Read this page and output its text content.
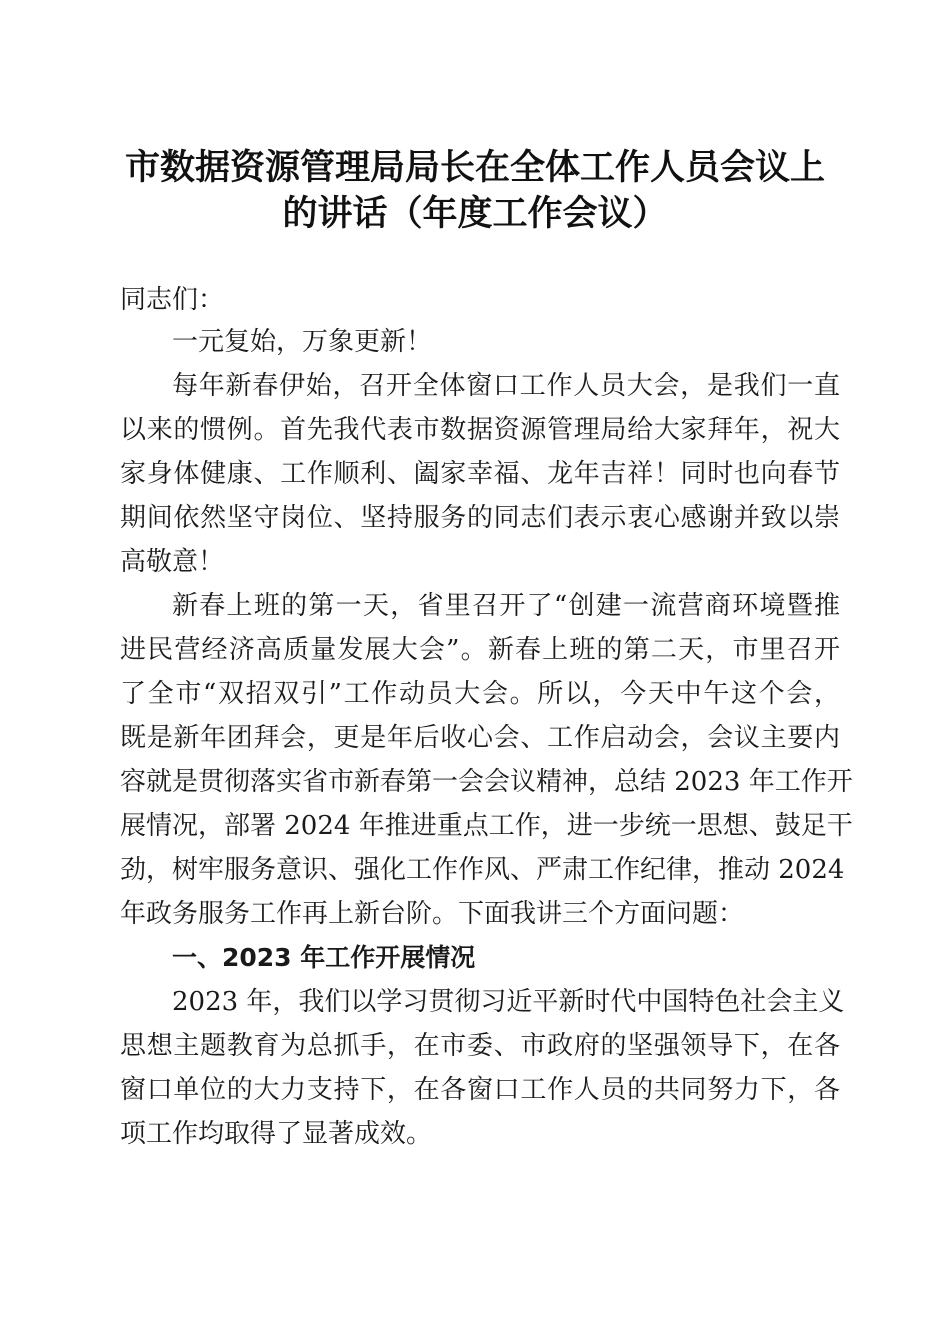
市数据资源管理局局长在全体工作人员会议上
的讲话（年度工作会议）
同志们：
一元复始，万象更新！
每年新春伊始，召开全体窗口工作人员大会，是我们一直
以来的惯例。首先我代表市数据资源管理局给大家拜年，祝大
家身体健康、工作顺利、阖家幸福、龙年吉祥！同时也向春节
期间依然坚守岗位、坚持服务的同志们表示衷心感谢并致以崇
高敬意！
新春上班的第一天，省里召开了“创建一流营商环境暨推
进民营经济高质量发展大会”。新春上班的第二天，市里召开
了全市“双招双引”工作动员大会。所以，今天中午这个会，
既是新年团拜会，更是年后收心会、工作启动会，会议主要内
容就是贯彻落实省市新春第一会会议精神，总结 2023 年工作开
展情况，部署 2024 年推进重点工作，进一步统一思想、鼓足干
劲，树牢服务意识、强化工作作风、严肃工作纪律，推动 2024
年政务服务工作再上新台阶。下面我讲三个方面问题：
一、2023 年工作开展情况
2023 年，我们以学习贯彻习近平新时代中国特色社会主义
思想主题教育为总抓手，在市委、市政府的坚强领导下，在各
窗口单位的大力支持下，在各窗口工作人员的共同努力下，各
项工作均取得了显著成效。
